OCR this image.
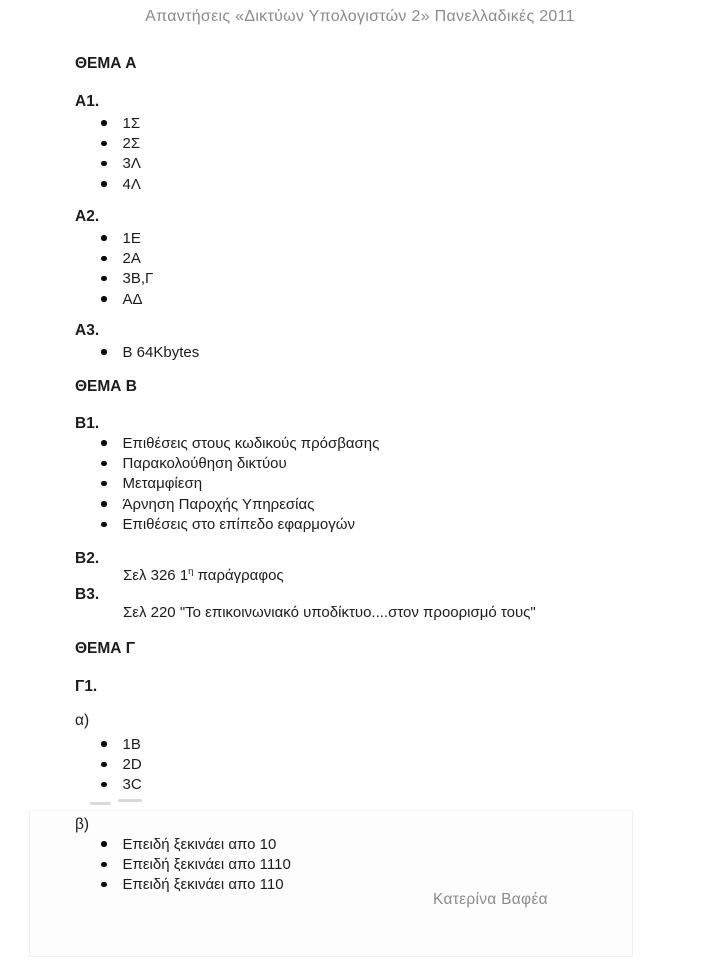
Απαντήσεις «Δικτύων Υπολογιστών 2» Πανελλαδικές 2011
ΘΕΜΑ Α
Α1.
1Σ
2Σ
3Λ
4Λ
Α2.
1Ε
2Α
3Β,Γ
ΑΔ
Α3.
Β 64Kbytes
ΘΕΜΑ Β
Β1.
Επιθέσεις στους κωδικούς πρόσβασης
Παρακολούθηση δικτύου
Μεταμφίεση
Άρνηση Παροχής Υπηρεσίας
Επιθέσεις στο επίπεδο εφαρμογών
Β2.
Σελ 326 $1^\eta$ παράγραφος
Β3.
Σελ 220 "Το επικοινωνιακό υποδίκτυο....στον προορισμό τους"
ΘΕΜΑ Γ
Γ1.
α)
1Β
2D
3C
β)
Επειδή ξεκινάει απο 10
Επειδή ξεκινάει απο 1110
Επειδή ξεκινάει απο 110
Κατερίνα Βαφέα
